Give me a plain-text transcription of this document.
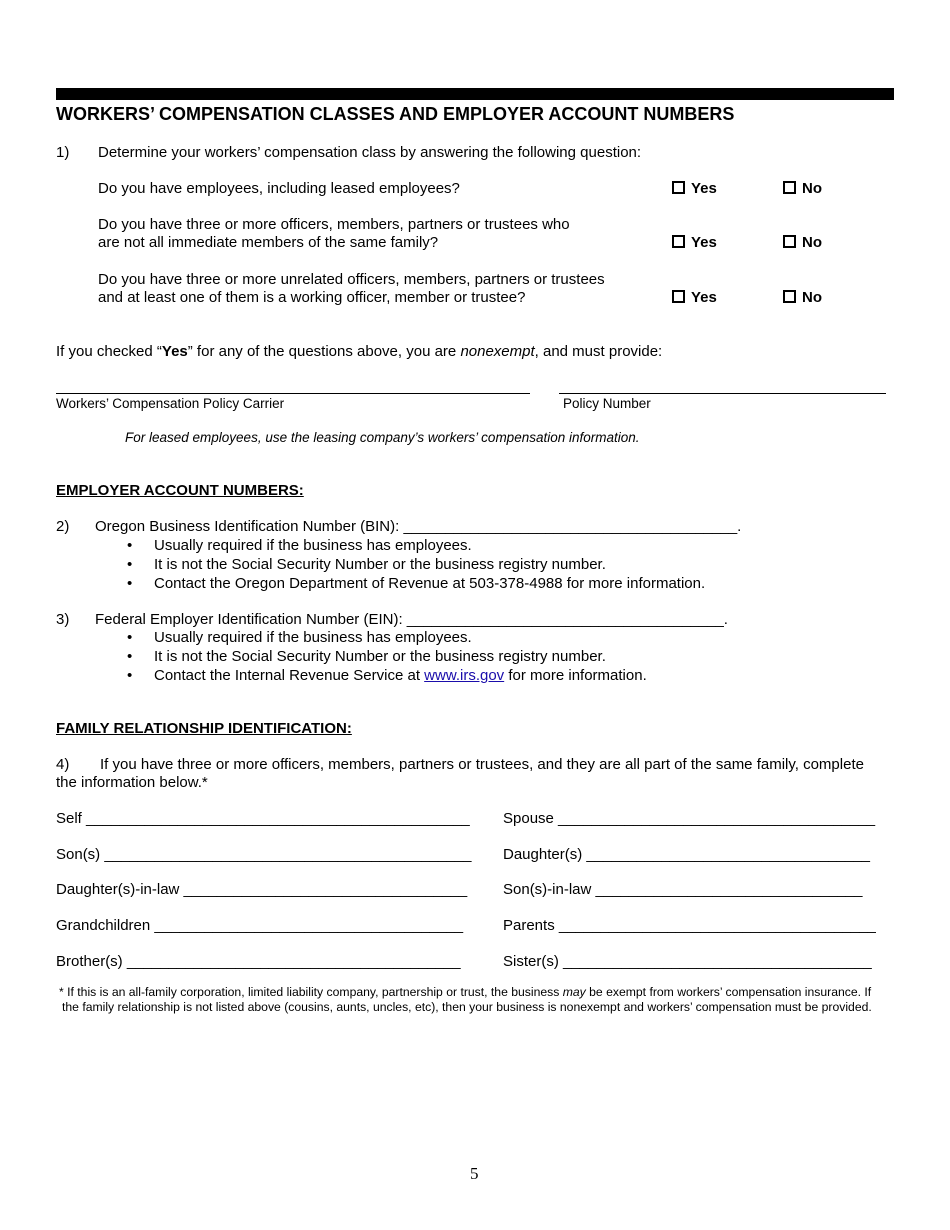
WORKERS’ COMPENSATION CLASSES AND EMPLOYER ACCOUNT NUMBERS
1) Determine your workers’ compensation class by answering the following question:
Do you have employees, including leased employees?	Yes	No
Do you have three or more officers, members, partners or trustees who
are not all immediate members of the same family?	Yes	No
Do you have three or more unrelated officers, members, partners or trustees
and at least one of them is a working officer, member or trustee?	Yes	No
If you checked “Yes” for any of the questions above, you are nonexempt, and must provide:
Workers’ Compensation Policy Carrier	Policy Number
For leased employees, use the leasing company’s workers’ compensation information.
EMPLOYER ACCOUNT NUMBERS:
2) Oregon Business Identification Number (BIN): ________________________________________.
• Usually required if the business has employees.
• It is not the Social Security Number or the business registry number.
• Contact the Oregon Department of Revenue at 503-378-4988 for more information.
3) Federal Employer Identification Number (EIN): ______________________________________.
• Usually required if the business has employees.
• It is not the Social Security Number or the business registry number.
• Contact the Internal Revenue Service at www.irs.gov for more information.
FAMILY RELATIONSHIP IDENTIFICATION:
4) If you have three or more officers, members, partners or trustees, and they are all part of the same family, complete
the information below.*
Self ______________________________________________ Spouse ______________________________________
Son(s) ____________________________________________ Daughter(s) __________________________________
Daughter(s)-in-law __________________________________ Son(s)-in-law ________________________________
Grandchildren _____________________________________	Parents ______________________________________
Brother(s) ________________________________________	Sister(s) _____________________________________
* If this is an all-family corporation, limited liability company, partnership or trust, the business may be exempt from workers’ compensation insurance. If
the family relationship is not listed above (cousins, aunts, uncles, etc), then your business is nonexempt and workers’ compensation must be provided.
5
